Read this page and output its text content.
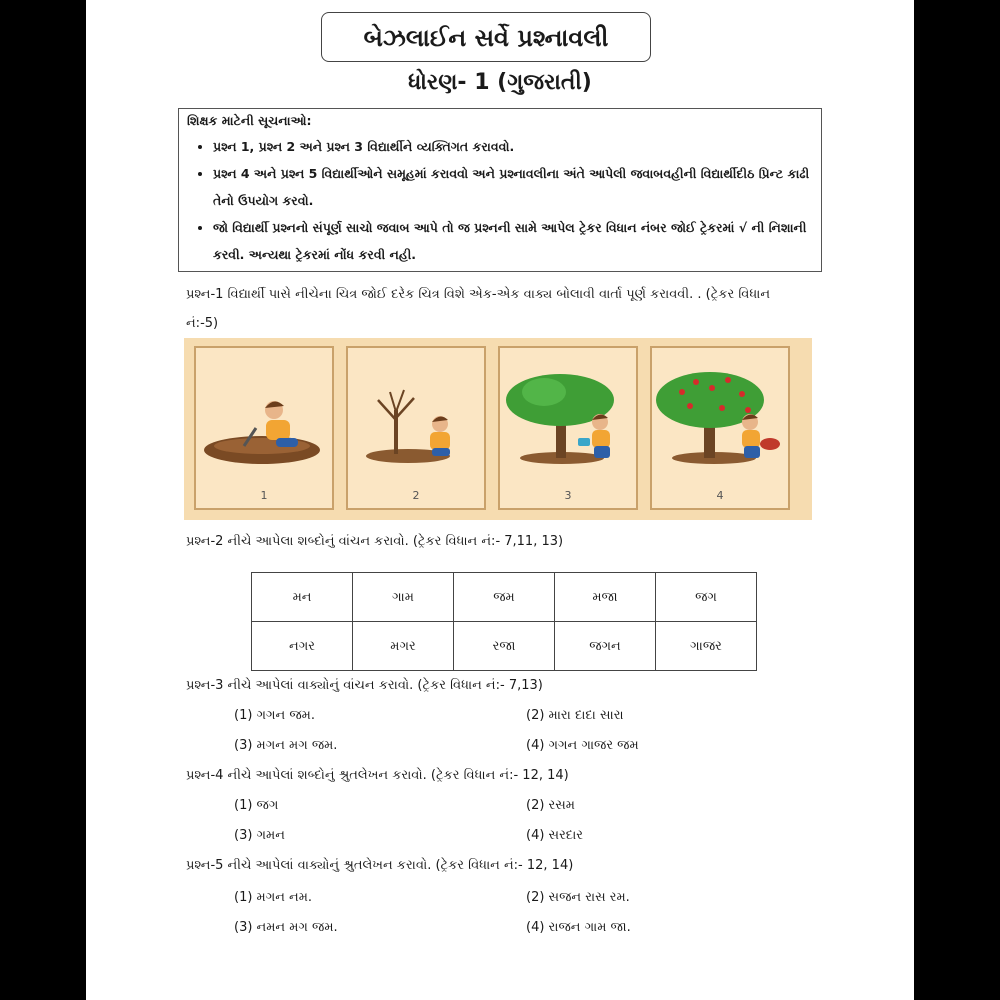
બેઝલાઈન સર્વે પ્રશ્નાવલી
ધોરણ- 1 (ગુજરાતી)
શિક્ષક માટેની સૂચનાઓ:
• પ્રશ્ન 1, પ્રશ્ન 2 અને પ્રશ્ન 3 વિદ્યાર્થીને વ્યક્તિગત કરાવવો.
• પ્રશ્ન 4 અને પ્રશ્ન 5 વિદ્યાર્થીઓને સમૂહમાં કરાવવો અને પ્રશ્નાવલીના અંતે આપેલી જવાબવહીની વિદ્યાર્થીદીઠ પ્રિન્ટ કાઢી તેનો ઉપયોગ કરવો.
• જો વિદ્યાર્થી પ્રશ્નનો સંપૂર્ણ સાચો જવાબ આપે તો જ પ્રશ્નની સામે આપેલ ટ્રેકર વિધાન નંબર જોઈ ટ્રેકરમાં √ ની નિશાની કરવી. અન્યથા ટ્રેકરમાં નોંધ કરવી નહી.
પ્રશ્ન-1 વિદ્યાર્થી પાસે નીચેના ચિત્ર જોઈ દરેક ચિત્ર વિશે એક-એક વાક્ય બોલાવી વાર્તા પૂર્ણ કરાવવી. . (ટ્રેકર વિધાન નં:-5)
1	2	3	4
પ્રશ્ન-2 નીચે આપેલા શબ્દોનું વાંચન કરાવો. (ટ્રેકર વિધાન નં:- 7,11, 13)
મન	ગામ	જમ	મજા	જગ
નગર	મગર	રજા	જગન	ગાજર
પ્રશ્ન-3 નીચે આપેલાં વાક્યોનું વાંચન કરાવો. (ટ્રેકર વિધાન નં:- 7,13)
(1) ગગન જમ.	(2) મારા દાદા સારા
(3) મગન મગ જમ.	(4) ગગન ગાજર જમ
પ્રશ્ન-4 નીચે આપેલાં શબ્દોનું શ્રુતલેખન કરાવો. (ટ્રેકર વિધાન નં:- 12, 14)
(1) જગ	(2) રસમ
(3) ગમન	(4) સરદાર
પ્રશ્ન-5 નીચે આપેલાં વાક્યોનું શ્રુતલેખન કરાવો. (ટ્રેકર વિધાન નં:- 12, 14)
(1) મગન નમ.	(2) સજન રાસ રમ.
(3) નમન મગ જમ.	(4) રાજન ગામ જા.
